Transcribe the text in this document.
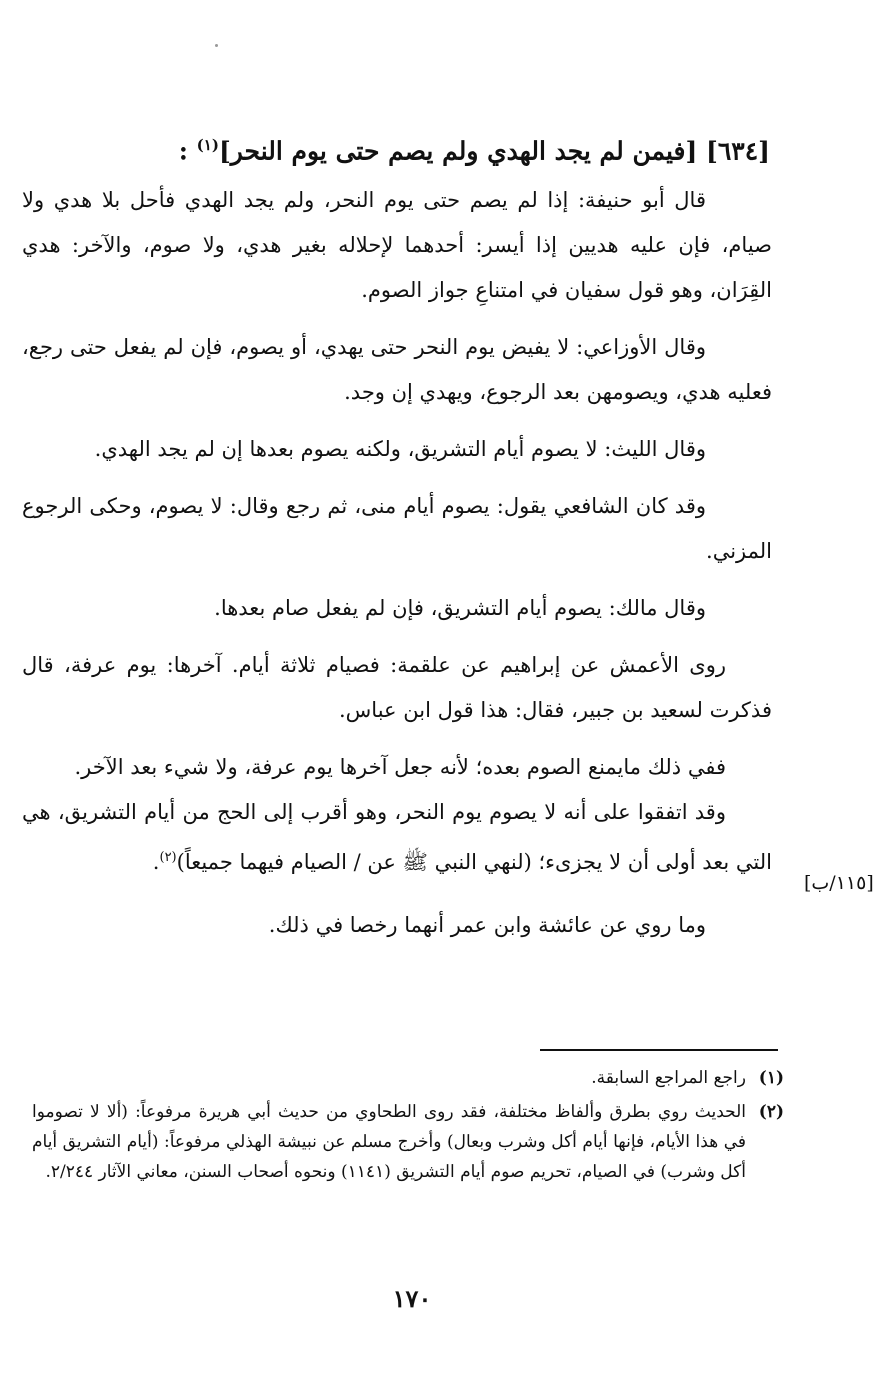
[٦٣٤] [فيمن لم يجد الهدي ولم يصم حتى يوم النحر]$^{(١)}$ :

قال أبو حنيفة: إذا لم يصم حتى يوم النحر، ولم يجد الهدي فأحل بلا هدي ولا صيام، فإن عليه هديين إذا أيسر: أحدهما لإحلاله بغير هدي، ولا صوم، والآخر: هدي القِرَان، وهو قول سفيان في امتناعِ جواز الصوم.

وقال الأوزاعي: لا يفيض يوم النحر حتى يهدي، أو يصوم، فإن لم يفعل حتى رجع، فعليه هدي، ويصومهن بعد الرجوع، ويهدي إن وجد.

وقال الليث: لا يصوم أيام التشريق، ولكنه يصوم بعدها إن لم يجد الهدي.

وقد كان الشافعي يقول: يصوم أيام منى، ثم رجع وقال: لا يصوم، وحكى الرجوع المزني.

وقال مالك: يصوم أيام التشريق، فإن لم يفعل صام بعدها.

روى الأعمش عن إبراهيم عن علقمة: فصيام ثلاثة أيام. آخرها: يوم عرفة، قال فذكرت لسعيد بن جبير، فقال: هذا قول ابن عباس.

ففي ذلك مايمنع الصوم بعده؛ لأنه جعل آخرها يوم عرفة، ولا شيء بعد الآخر.

وقد اتفقوا على أنه لا يصوم يوم النحر، وهو أقرب إلى الحج من أيام التشريق، هي التي بعد أولى أن لا يجزىء؛ (لنهي النبي ﷺ عن / الصيام فيهما جميعاً)$^{(٢)}$.

وما روي عن عائشة وابن عمر أنهما رخصا في ذلك.

[١١٥/ب]
(١)
راجع المراجع السابقة.
(٢)
الحديث روي بطرق وألفاظ مختلفة، فقد روى الطحاوي من حديث أبي هريرة مرفوعاً: (ألا لا تصوموا في هذا الأيام، فإنها أيام أكل وشرب وبعال) وأخرج مسلم عن نبيشة الهذلي مرفوعاً: (أيام التشريق أيام أكل وشرب) في الصيام، تحريم صوم أيام التشريق (١١٤١) ونحوه أصحاب السنن، معاني الآثار ٢/٢٤٤.
١٧٠
